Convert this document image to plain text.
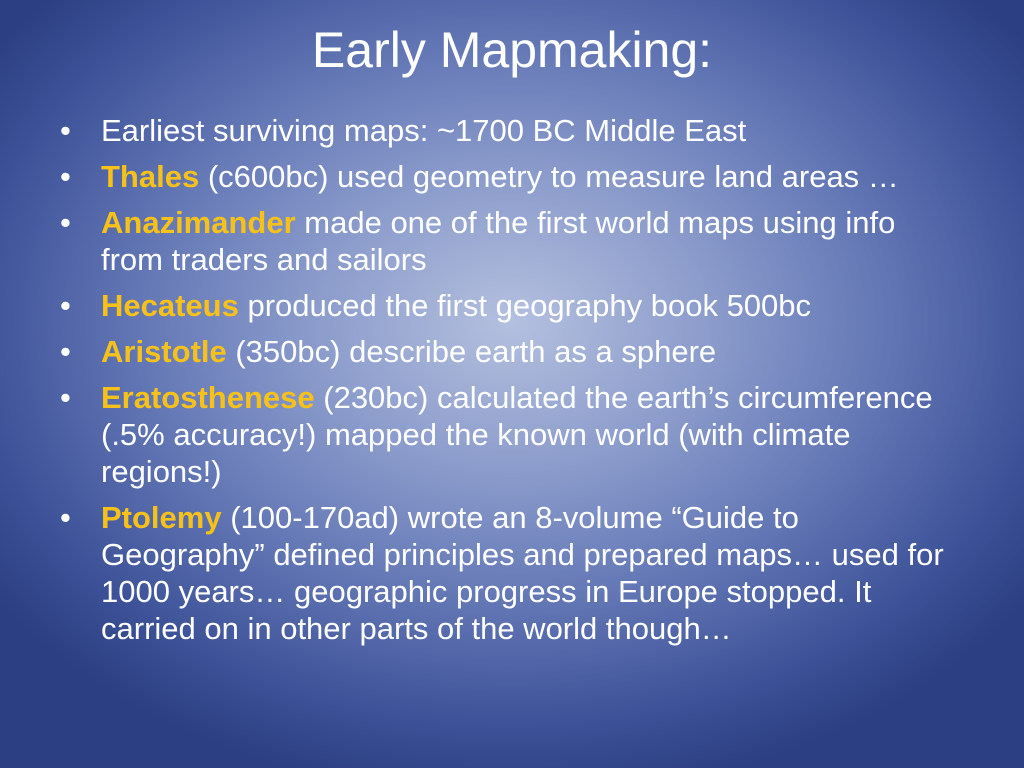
Early Mapmaking:
• Earliest surviving maps: ~1700 BC Middle East
• Thales (c600bc) used geometry to measure land areas …
• Anazimander made one of the first world maps using info from traders and sailors
• Hecateus produced the first geography book 500bc
• Aristotle (350bc) describe earth as a sphere
• Eratosthenese (230bc) calculated the earth’s circumference (.5% accuracy!) mapped the known world (with climate regions!)
• Ptolemy (100-170ad) wrote an 8-volume “Guide to Geography” defined principles and prepared maps… used for 1000 years… geographic progress in Europe stopped. It carried on in other parts of the world though…
